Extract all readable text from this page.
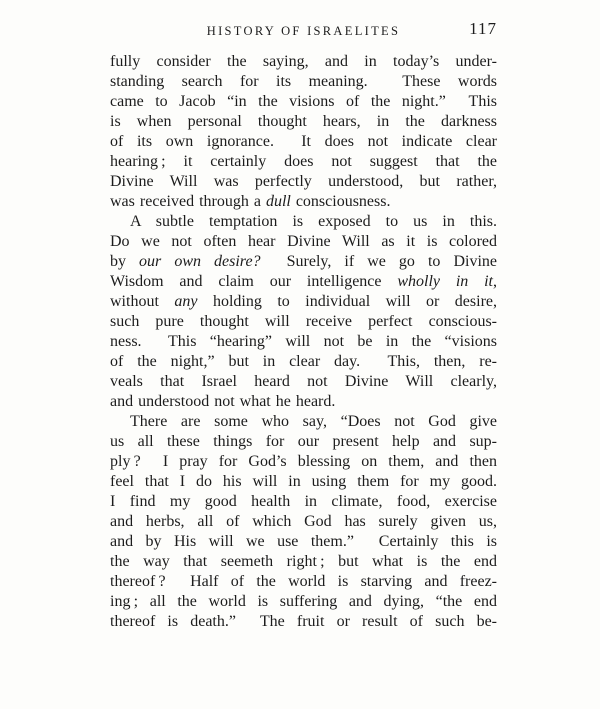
HISTORY OF ISRAELITES	117
fully consider the saying, and in today’s under-
standing search for its meaning.  These words
came to Jacob “in the visions of the night.”  This
is when personal thought hears, in the darkness
of its own ignorance.  It does not indicate clear
hearing ; it certainly does not suggest that the
Divine Will was perfectly understood, but rather,
was received through a dull consciousness.
A subtle temptation is exposed to us in this.
Do we not often hear Divine Will as it is colored
by our own desire?  Surely, if we go to Divine
Wisdom and claim our intelligence wholly in it,
without any holding to individual will or desire,
such pure thought will receive perfect conscious-
ness.  This “hearing” will not be in the “visions
of the night,” but in clear day.  This, then, re-
veals that Israel heard not Divine Will clearly,
and understood not what he heard.
There are some who say, “Does not God give
us all these things for our present help and sup-
ply ?  I pray for God’s blessing on them, and then
feel that I do his will in using them for my good.
I find my good health in climate, food, exercise
and herbs, all of which God has surely given us,
and by His will we use them.”  Certainly this is
the way that seemeth right ; but what is the end
thereof ?  Half of the world is starving and freez-
ing ; all the world is suffering and dying, “the end
thereof is death.”  The fruit or result of such be-
